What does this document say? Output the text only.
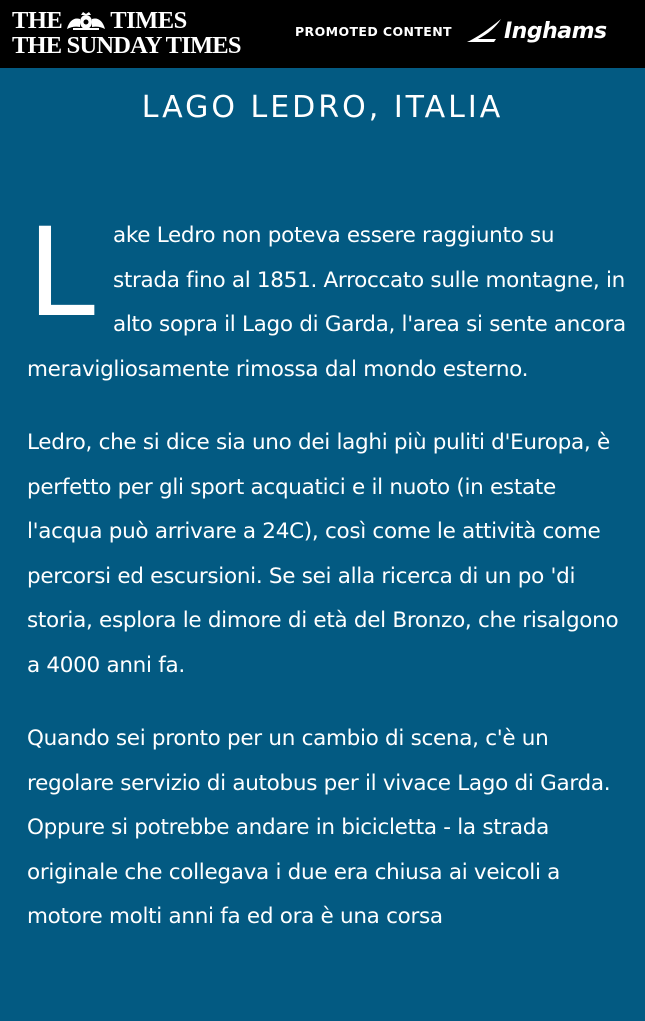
THE TIMES
THE SUNDAY TIMES
PROMOTED CONTENT Inghams
LAGO LEDRO, ITALIA

Lake Ledro non poteva essere raggiunto su strada fino al 1851. Arroccato sulle montagne, in alto sopra il Lago di Garda, l'area si sente ancora meravigliosamente rimossa dal mondo esterno.

Ledro, che si dice sia uno dei laghi più puliti d'Europa, è perfetto per gli sport acquatici e il nuoto (in estate l'acqua può arrivare a 24C), così come le attività come percorsi ed escursioni. Se sei alla ricerca di un po 'di storia, esplora le dimore di età del Bronzo, che risalgono a 4000 anni fa.

Quando sei pronto per un cambio di scena, c'è un regolare servizio di autobus per il vivace Lago di Garda. Oppure si potrebbe andare in bicicletta - la strada originale che collegava i due era chiusa ai veicoli a motore molti anni fa ed ora è una corsa
